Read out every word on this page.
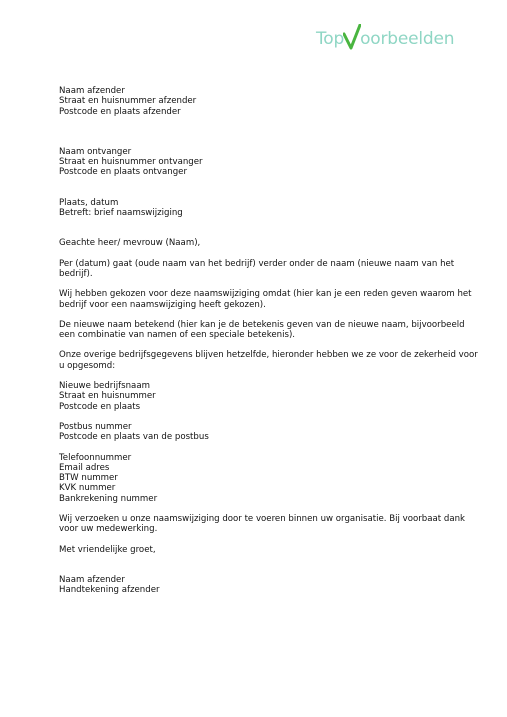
Top oorbeelden

Naam afzender

Straat en huisnummer afzender

Postcode en plaats afzender

Naam ontvanger

Straat en huisnummer ontvanger

Postcode en plaats ontvanger

Plaats, datum

Betreft: brief naamswijziging

Geachte heer/ mevrouw (Naam),

Per (datum) gaat (oude naam van het bedrijf) verder onder de naam (nieuwe naam van het bedrijf).

Wij hebben gekozen voor deze naamswijziging omdat (hier kan je een reden geven waarom het bedrijf voor een naamswijziging heeft gekozen).

De nieuwe naam betekend (hier kan je de betekenis geven van de nieuwe naam, bijvoorbeeld een combinatie van namen of een speciale betekenis).

Onze overige bedrijfsgegevens blijven hetzelfde, hieronder hebben we ze voor de zekerheid voor u opgesomd:

Nieuwe bedrijfsnaam

Straat en huisnummer

Postcode en plaats

Postbus nummer

Postcode en plaats van de postbus

Telefoonnummer

Email adres

BTW nummer

KVK nummer

Bankrekening nummer

Wij verzoeken u onze naamswijziging door te voeren binnen uw organisatie. Bij voorbaat dank voor uw medewerking.

Met vriendelijke groet,

Naam afzender

Handtekening afzender
